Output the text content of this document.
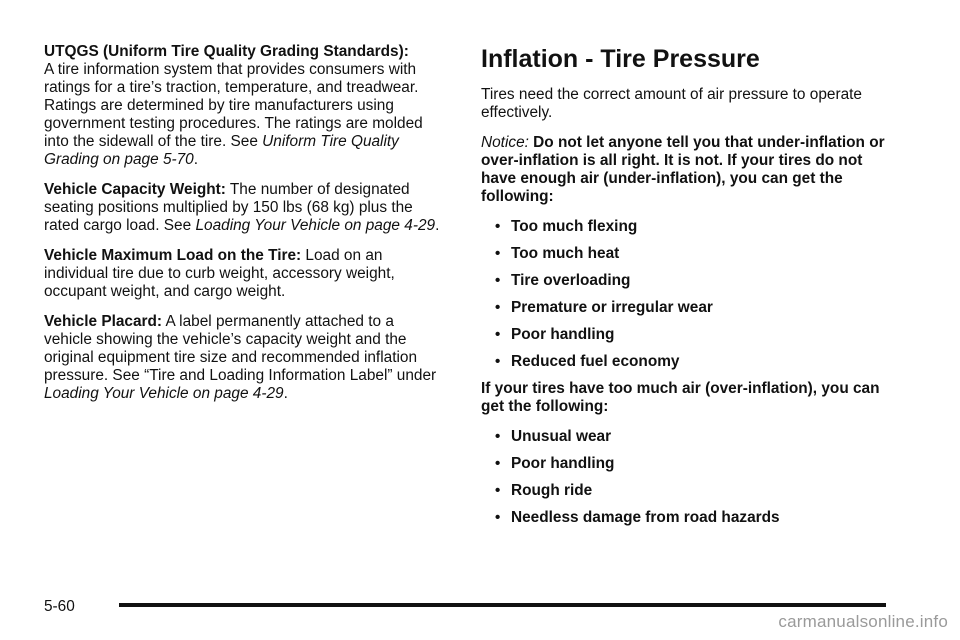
UTQGS (Uniform Tire Quality Grading Standards):
A tire information system that provides consumers with ratings for a tire’s traction, temperature, and treadwear. Ratings are determined by tire manufacturers using government testing procedures. The ratings are molded into the sidewall of the tire. See Uniform Tire Quality Grading on page 5-70.

Vehicle Capacity Weight: The number of designated seating positions multiplied by 150 lbs (68 kg) plus the rated cargo load. See Loading Your Vehicle on page 4-29.

Vehicle Maximum Load on the Tire: Load on an individual tire due to curb weight, accessory weight, occupant weight, and cargo weight.

Vehicle Placard: A label permanently attached to a vehicle showing the vehicle’s capacity weight and the original equipment tire size and recommended inflation pressure. See “Tire and Loading Information Label” under Loading Your Vehicle on page 4-29.

Inflation - Tire Pressure

Tires need the correct amount of air pressure to operate effectively.

Notice: Do not let anyone tell you that under-inflation or over-inflation is all right. It is not. If your tires do not have enough air (under-inflation), you can get the following:

• Too much flexing
• Too much heat
• Tire overloading
• Premature or irregular wear
• Poor handling
• Reduced fuel economy

If your tires have too much air (over-inflation), you can get the following:

• Unusual wear
• Poor handling
• Rough ride
• Needless damage from road hazards
5-60
carmanualsonline.info
